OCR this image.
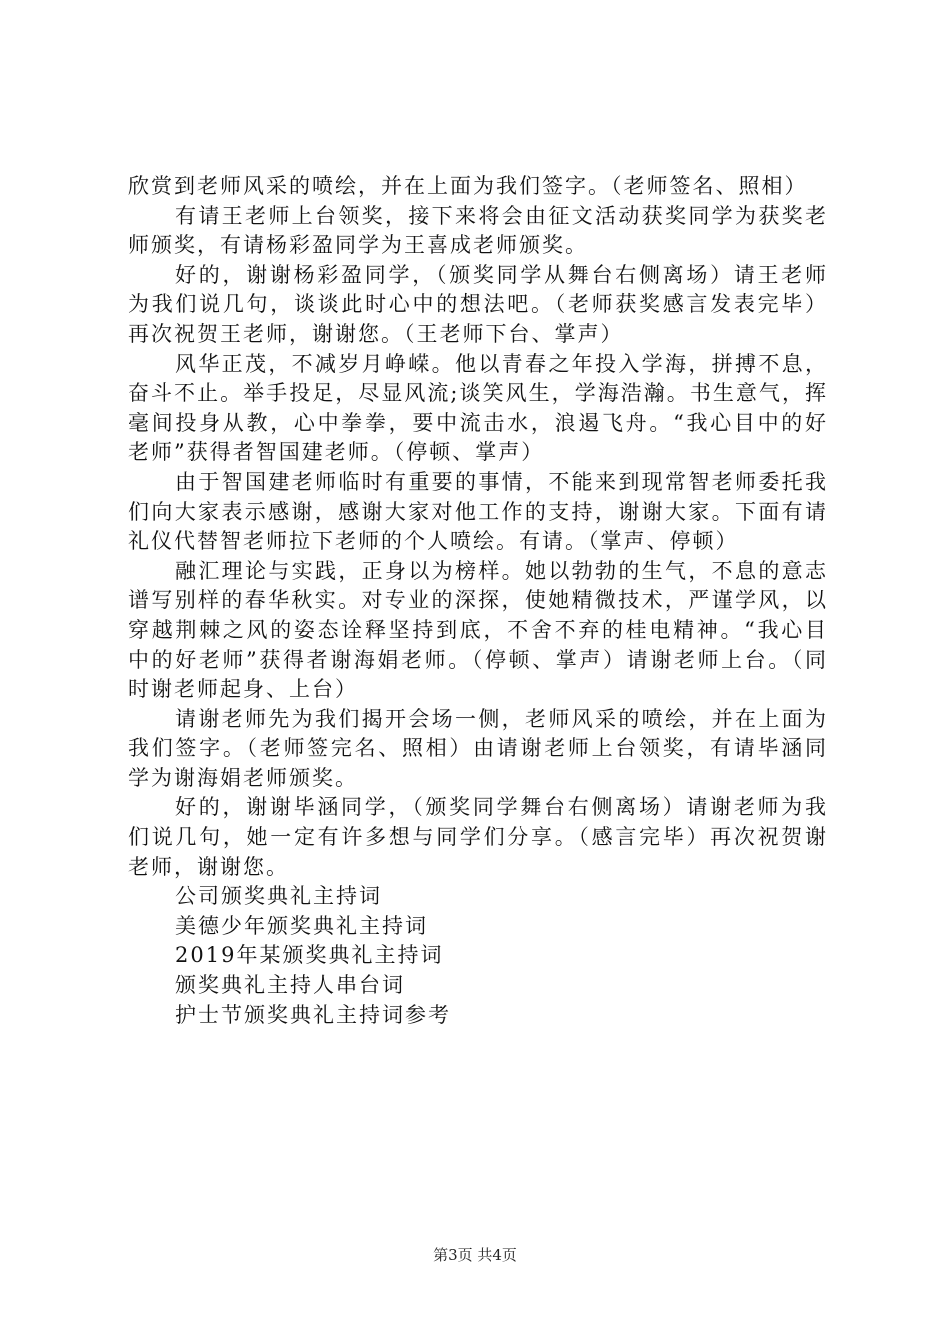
欣赏到老师风采的喷绘，并在上面为我们签字。（老师签名、照相）

有请王老师上台领奖，接下来将会由征文活动获奖同学为获奖老师颁奖，有请杨彩盈同学为王喜成老师颁奖。

好的，谢谢杨彩盈同学，（颁奖同学从舞台右侧离场）请王老师为我们说几句，谈谈此时心中的想法吧。（老师获奖感言发表完毕）再次祝贺王老师，谢谢您。（王老师下台、掌声）

风华正茂，不减岁月峥嵘。他以青春之年投入学海，拼搏不息，奋斗不止。举手投足，尽显风流;谈笑风生，学海浩瀚。书生意气，挥毫间投身从教，心中拳拳，要中流击水，浪遏飞舟。“我心目中的好老师”获得者智国建老师。（停顿、掌声）

由于智国建老师临时有重要的事情，不能来到现常智老师委托我们向大家表示感谢，感谢大家对他工作的支持，谢谢大家。下面有请礼仪代替智老师拉下老师的个人喷绘。有请。（掌声、停顿）

融汇理论与实践，正身以为榜样。她以勃勃的生气，不息的意志谱写别样的春华秋实。对专业的深探，使她精微技术，严谨学风，以穿越荆棘之风的姿态诠释坚持到底，不舍不弃的桂电精神。“我心目中的好老师”获得者谢海娟老师。（停顿、掌声）请谢老师上台。（同时谢老师起身、上台）

请谢老师先为我们揭开会场一侧，老师风采的喷绘，并在上面为我们签字。（老师签完名、照相）由请谢老师上台领奖，有请毕涵同学为谢海娟老师颁奖。

好的，谢谢毕涵同学，（颁奖同学舞台右侧离场）请谢老师为我们说几句，她一定有许多想与同学们分享。（感言完毕）再次祝贺谢老师，谢谢您。

公司颁奖典礼主持词
美德少年颁奖典礼主持词
2019年某颁奖典礼主持词
颁奖典礼主持人串台词
护士节颁奖典礼主持词参考
第3页 共4页
